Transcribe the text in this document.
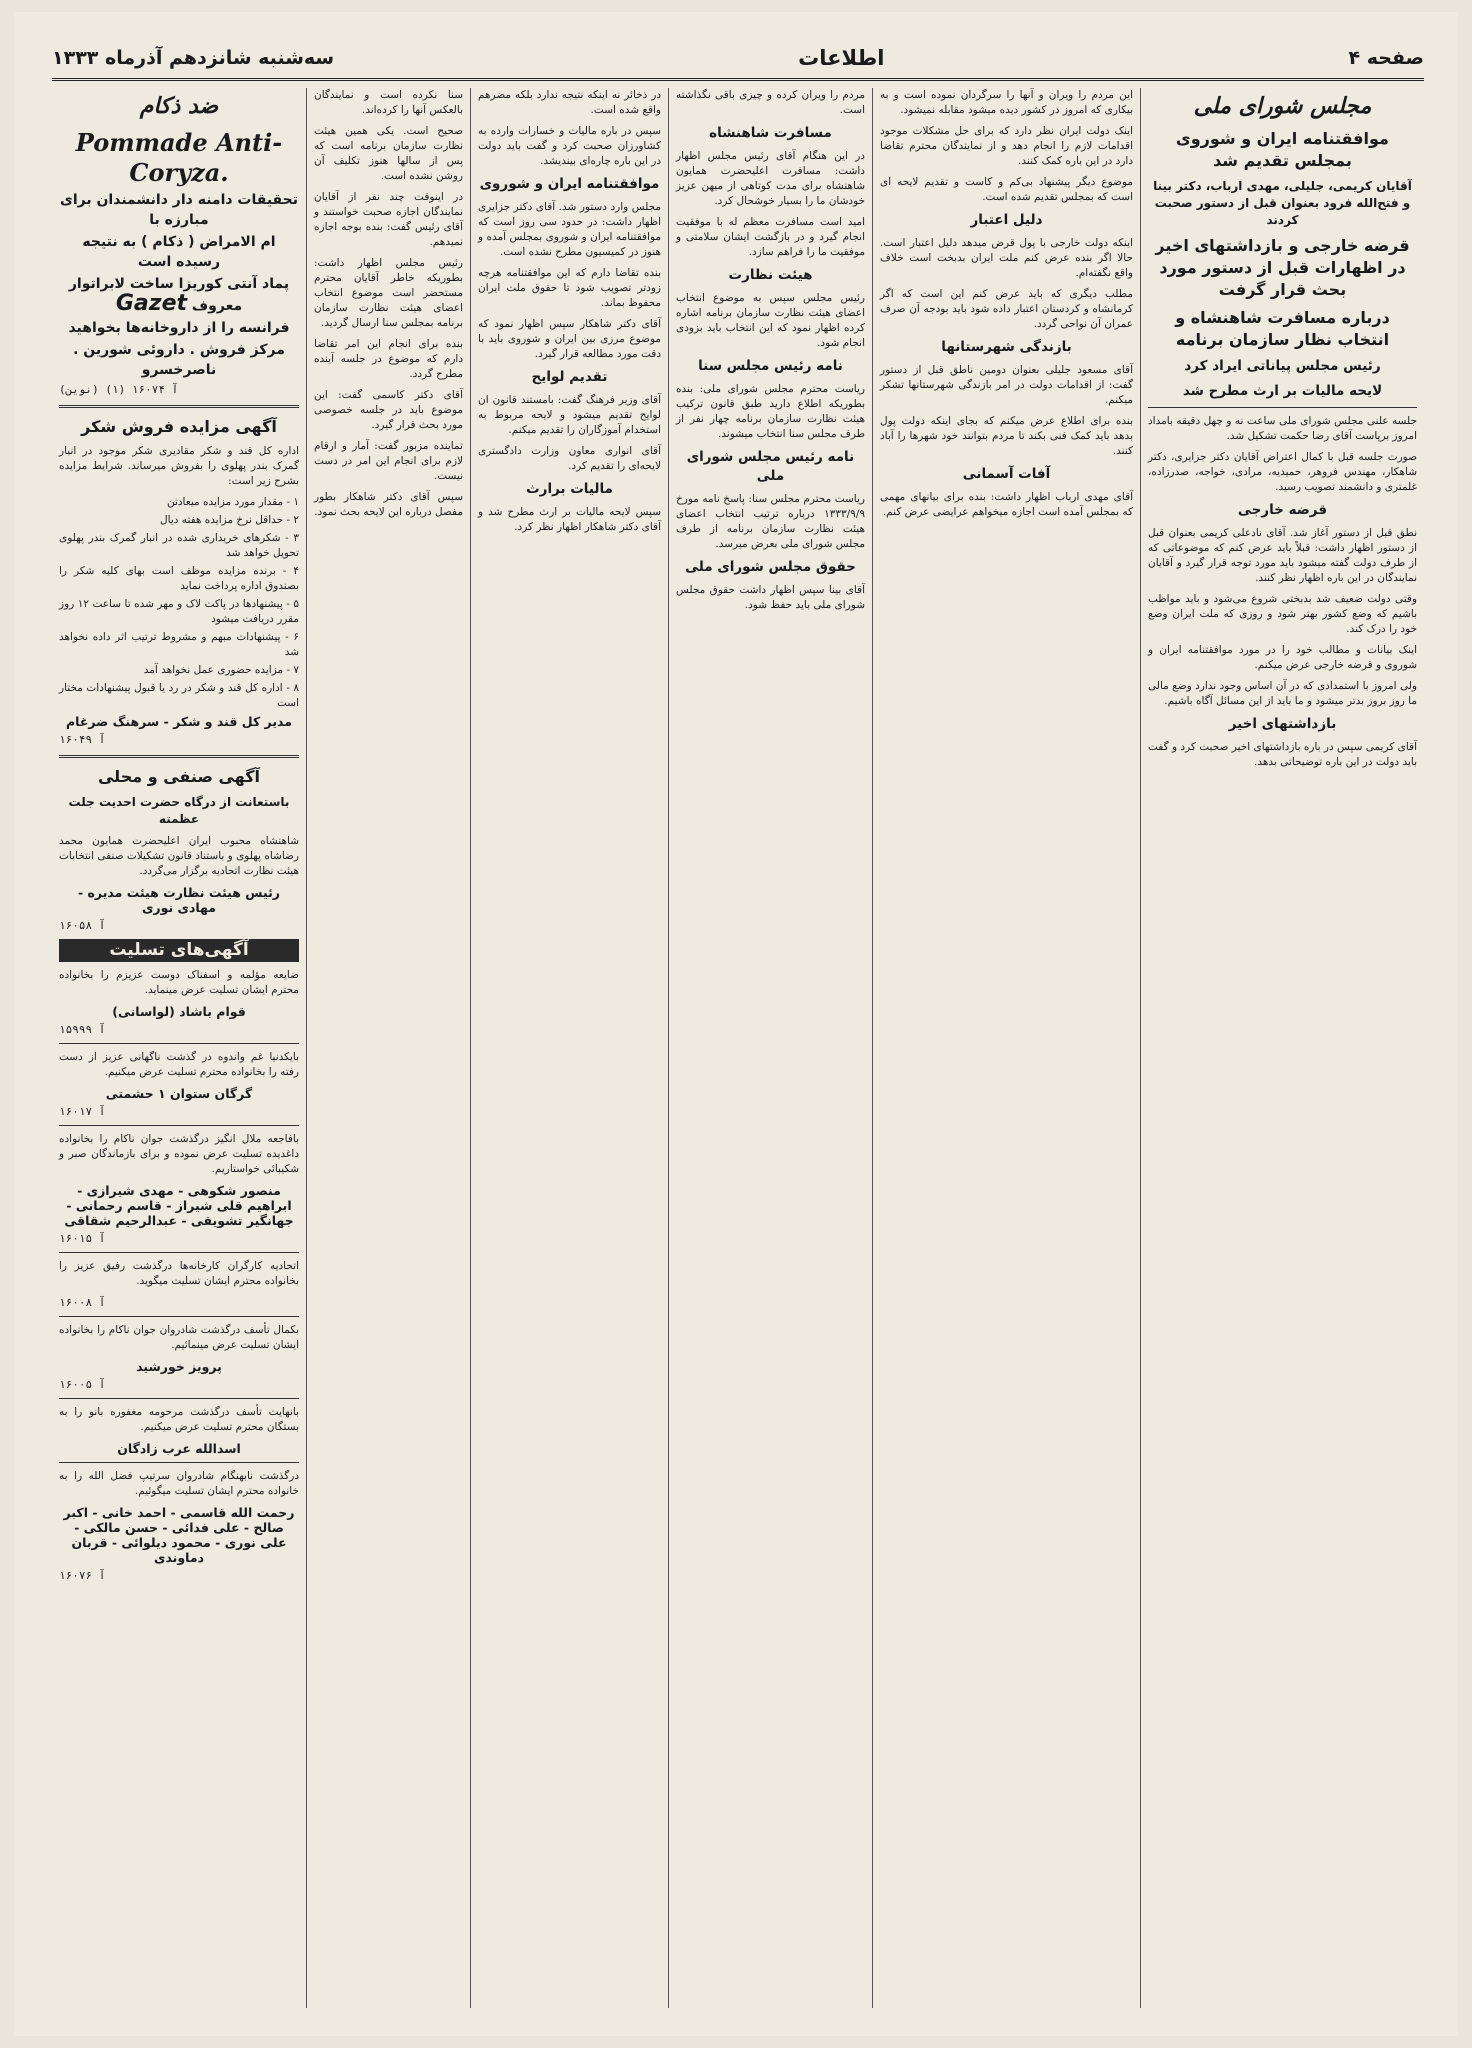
صفحه ۴
اطلاعات
سه‌شنبه شانزدهم آذرماه ۱۳۳۳
مجلس شورای ملی
موافقتنامه ایران و شوروی بمجلس تقدیم شد
آقایان کریمی، جلیلی، مهدی ارباب، دکتر بینا و فتح‌الله فرود بعنوان قبل از دستور صحبت کردند
قرضه خارجی و بازداشتهای اخیر در اظهارات قبل از دستور مورد بحث قرار گرفت
درباره مسافرت شاهنشاه و انتخاب نظار سازمان برنامه
رئیس مجلس پیاناتی ایراد کرد
لایحه مالیات بر ارث مطرح شد

جلسه علنی مجلس شورای ملی ساعت نه و چهل دقیقه بامداد امروز برپاست آقای رضا حکمت تشکیل شد.

صورت جلسه قبل با کمال اعتراض آقایان دکتر جزایری، دکتر شاهکار، مهندس فروهر، حمیدیه، مرادی، خواجه، صدرزاده، غلمتری و دانشمند تصویب رسید.

قرضه خارجی

نطق قبل از دستور آغاز شد. آقای نادعلی کریمی بعنوان قبل از دستور اظهار داشت: قبلاً باید عرض کنم که موضوعاتی که از طرف دولت گفته میشود باید مورد توجه قرار گیرد و آقایان نمایندگان در این باره اظهار نظر کنند.

وقتی دولت ضعیف شد بدبختی شروع می‌شود و باید مواظب باشیم که وضع کشور بهتر شود و روزی که ملت ایران وضع خود را درک کند.

اینک بیانات و مطالب خود را در مورد موافقتنامه ایران و شوروی و قرضه خارجی عرض میکنم.

ولی امروز با استمدادی که در آن اساس وجود ندارد وضع مالی ما روز بروز بدتر میشود و ما باید از این مسائل آگاه باشیم.

بازداشتهای اخیر

آقای کریمی سپس در باره بازداشتهای اخیر صحبت کرد و گفت باید دولت در این باره توضیحاتی بدهد.

این مردم را ویران و آنها را سرگردان نموده است و به بیکاری که امروز در کشور دیده میشود مقابله نمیشود.

اینک دولت ایران نظر دارد که برای حل مشکلات موجود اقدامات لازم را انجام دهد و از نمایندگان محترم تقاضا دارد در این باره کمک کنند.

موضوع دیگر پیشنهاد بی‌کم و کاست و تقدیم لایحه ای است که بمجلس تقدیم شده است.

دلیل اعتبار

اینکه دولت خارجی با پول قرض میدهد دلیل اعتبار است. حالا اگر بنده عرض کنم ملت ایران بدبخت است خلاف واقع نگفته‌ام.

مطلب دیگری که باید عرض کنم این است که اگر کرمانشاه و کردستان اعتبار داده شود باید بودجه آن صرف عمران آن نواحی گردد.

بازندگی شهرستانها

آقای مسعود جلیلی بعنوان دومین ناطق قبل از دستور گفت: از اقدامات دولت در امر بازندگی شهرستانها تشکر میکنم.

بنده برای اطلاع عرض میکنم که بجای اینکه دولت پول بدهد باید کمک فنی بکند تا مردم بتوانند خود شهرها را آباد کنند.

آفات آسمانی

آقای مهدی ارباب اظهار داشت: بنده برای بیانهای مهمی که بمجلس آمده است اجازه میخواهم عرایضی عرض کنم.

مردم را ویران کرده و چیزی باقی نگذاشته است.

مسافرت شاهنشاه

در این هنگام آقای رئیس مجلس اظهار داشت: مسافرت اعلیحضرت همایون شاهنشاه برای مدت کوتاهی از میهن عزیز خودشان ما را بسیار خوشحال کرد.

امید است مسافرت معظم له با موفقیت انجام گیرد و در بازگشت ایشان سلامتی و موفقیت ما را فراهم سازد.

هیئت نظارت

رئیس مجلس سپس به موضوع انتخاب اعضای هیئت نظارت سازمان برنامه اشاره کرده اظهار نمود که این انتخاب باید بزودی انجام شود.

نامه رئیس مجلس سنا

ریاست محترم مجلس شورای ملی: بنده بطوریکه اطلاع دارید طبق قانون ترکیب هیئت نظارت سازمان برنامه چهار نفر از طرف مجلس سنا انتخاب میشوند.

نامه رئیس مجلس شورای ملی

ریاست محترم مجلس سنا: پاسخ نامه مورخ ۱۳۳۳/۹/۹ درباره ترتیب انتخاب اعضای هیئت نظارت سازمان برنامه از طرف مجلس شورای ملی بعرض میرسد.

حقوق مجلس شورای ملی

آقای بینا سپس اظهار داشت حقوق مجلس شورای ملی باید حفظ شود.

در ذخائر نه اینکه نتیجه ندارد بلکه مضرهم واقع شده است.

سپس در باره مالیات و خسارات وارده به کشاورزان صحبت کرد و گفت باید دولت در این باره چاره‌ای بیندیشد.

موافقتنامه ایران و شوروی

مجلس وارد دستور شد. آقای دکتر جزایری اظهار داشت: در حدود سی روز است که موافقتنامه ایران و شوروی بمجلس آمده و هنوز در کمیسیون مطرح نشده است.

بنده تقاضا دارم که این موافقتنامه هرچه زودتر تصویب شود تا حقوق ملت ایران محفوظ بماند.

آقای دکتر شاهکار سپس اظهار نمود که موضوع مرزی بین ایران و شوروی باید با دقت مورد مطالعه قرار گیرد.

تقدیم لوایح

آقای وزیر فرهنگ گفت: بامستند قانون ان لوایح تقدیم میشود و لایحه مربوط به استخدام آموزگاران را تقدیم میکنم.

آقای انواری معاون وزارت دادگستری لایحه‌ای را تقدیم کرد.

مالیات برارث

سپس لایحه مالیات بر ارث مطرح شد و آقای دکتر شاهکار اظهار نظر کرد.

سنا نکرده است و نمایندگان بالعکس آنها را کرده‌اند.

صحیح است. یکی همین هیئت نظارت سازمان برنامه است که پس از سالها هنوز تکلیف آن روشن نشده است.

در اینوقت چند نفر از آقایان نمایندگان اجازه صحبت خواستند و آقای رئیس گفت: بنده بوجه اجازه نمیدهم.

رئیس مجلس اظهار داشت: بطوریکه خاطر آقایان محترم مستحضر است موضوع انتخاب اعضای هیئت نظارت سازمان برنامه بمجلس سنا ارسال گردید.

بنده برای انجام این امر تقاضا دارم که موضوع در جلسه آینده مطرح گردد.

آقای دکتر کاسمی گفت: این موضوع باید در جلسه خصوصی مورد بحث قرار گیرد.

تماینده مزبور گفت: آمار و ارقام لازم برای انجام این امر در دست نیست.

سپس آقای دکتر شاهکار بطور مفصل درباره این لایحه بحث نمود.

ضد ذکام
Pommade Anti-Coryza.
تحقیقات دامنه دار دانشمندان برای مبارزه با
ام الامراض ( ذکام ) به نتیجه رسیده است
پماد آنتی کوریزا ساخت لابراتوار معروف Gazet
فرانسه را از داروخانه‌ها بخواهید
مرکز فروش . داروئی شورین . ناصرخسرو
آ ۱۶۰۷۴ (۱) (نوین)
آگهی مزایده فروش شکر

اداره کل قند و شکر مقادیری شکر موجود در انبار گمرک بندر پهلوی را بفروش میرساند. شرایط مزایده بشرح زیر است:

۱ - مقدار مورد مزایده میعادتن

۲ - حداقل نرخ مزایده هفته دیال

۳ - شکرهای خریداری شده در انبار گمرک بندر پهلوی تحویل خواهد شد

۴ - برنده مزایده موظف است بهای کلیه شکر را بصندوق اداره پرداخت نماید

۵ - پیشنهادها در پاکت لاک و مهر شده تا ساعت ۱۲ روز مقرر دریافت میشود

۶ - پیشنهادات مبهم و مشروط ترتیب اثر داده نخواهد شد

۷ - مزایده حضوری عمل نخواهد آمد

۸ - اداره کل قند و شکر در رد یا قبول پیشنهادات مختار است

مدیر کل قند و شکر - سرهنگ ضرغام
آ ۱۶۰۴۹
آگهی صنفی و محلی
باستعانت از درگاه حضرت احدیت جلت عظمته

شاهنشاه محبوب ایران اعلیحضرت همایون محمد رضاشاه پهلوی و باستناد قانون تشکیلات صنفی انتخابات هیئت نظارت اتحادیه برگزار می‌گردد.

رئیس هیئت نظارت هیئت مدیره - مهادی نوری
آ ۱۶۰۵۸
آگهی‌های تسلیت

ضایعه مؤلمه و اسفناک دوست عزیزم را بخانواده محترم ایشان تسلیت عرض مینماید.

قوام باشاد (لواسانی)
آ ۱۵۹۹۹

بایکدنیا غم واندوه در گذشت ناگهانی عزیز از دست رفته را بخانواده محترم تسلیت عرض میکنیم.

گرگان ستوان ۱ حشمتی
آ ۱۶۰۱۷

بافاجعه ملال انگیز درگذشت جوان ناکام را بخانواده داغدیده تسلیت عرض نموده و برای بازماندگان صبر و شکیبائی خواستاریم.

منصور شکوهی - مهدی شیرازی - ابراهیم قلی شیراز - قاسم رحمانی - جهانگیر تشویقی - عبدالرحیم شقاقی
آ ۱۶۰۱۵

اتحادیه کارگران کارخانه‌ها درگذشت رفیق عزیز را بخانواده محترم ایشان تسلیت میگوید.

آ ۱۶۰۰۸

بکمال تأسف درگذشت شادروان جوان ناکام را بخانواده ایشان تسلیت عرض مینمائیم.

پرویز خورشید
آ ۱۶۰۰۵

بانهایت تأسف درگذشت مرحومه مغفوره بانو را به بستگان محترم تسلیت عرض میکنیم.

اسدالله عرب زادگان

درگذشت نابهنگام شادروان سرتیپ فضل الله را به خانواده محترم ایشان تسلیت میگوئیم.

رحمت الله قاسمی - احمد خانی - اکبر صالح - علی فدائی - حسن مالکی - علی نوری - محمود دیلوائی - قربان دماوندی
آ ۱۶۰۷۶
